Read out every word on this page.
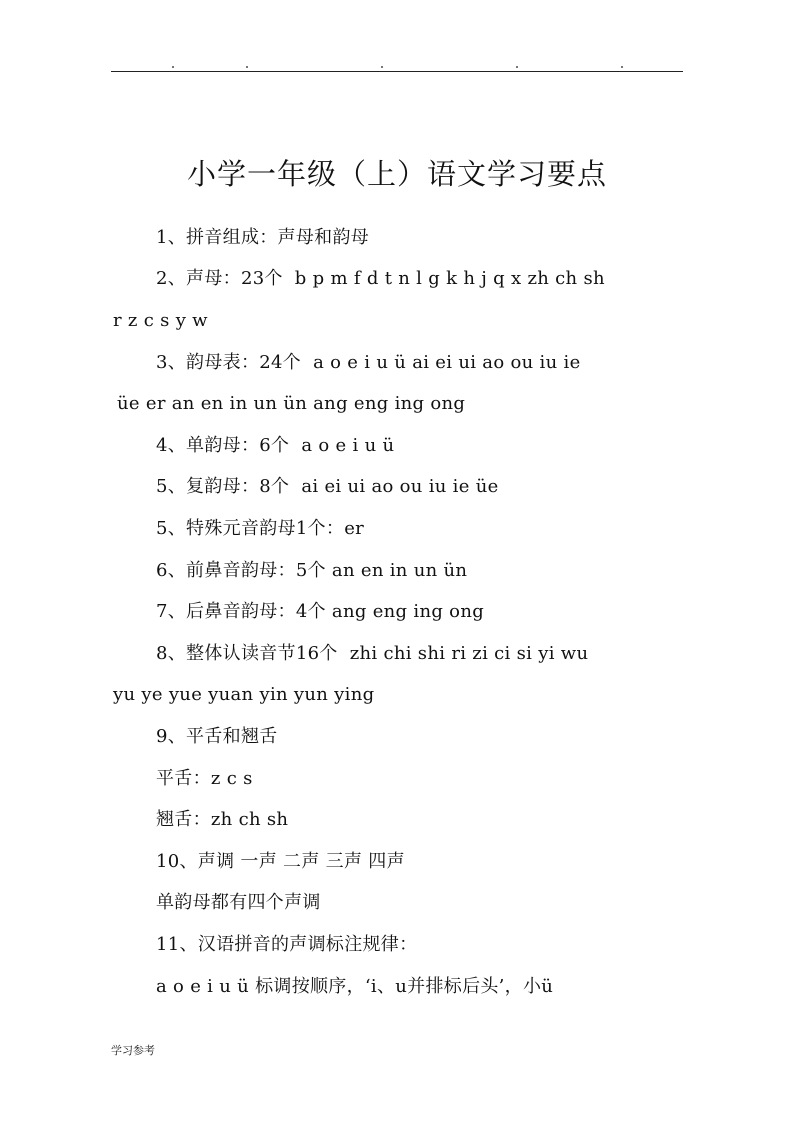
小学一年级（上）语文学习要点
1、拼音组成：声母和韵母
2、声母：23个  b p m f d t n l g k h j q x zh ch sh
r z c s y w
3、韵母表：24个  a o e i u ü ai ei ui ao ou iu ie
üe er an en in un ün ang eng ing ong
4、单韵母：6个  a o e i u ü
5、复韵母：8个  ai ei ui ao ou iu ie üe
5、特殊元音韵母1个：er
6、前鼻音韵母：5个 an en in un ün
7、后鼻音韵母：4个 ang eng ing ong
8、整体认读音节16个  zhi chi shi ri zi ci si yi wu
yu ye yue yuan yin yun ying
9、平舌和翘舌
平舌：z c s
翘舌：zh ch sh
10、声调 一声 二声 三声 四声
单韵母都有四个声调
11、汉语拼音的声调标注规律：
a o e i u ü 标调按顺序，‘i、u并排标后头’，小ü
学习参考
